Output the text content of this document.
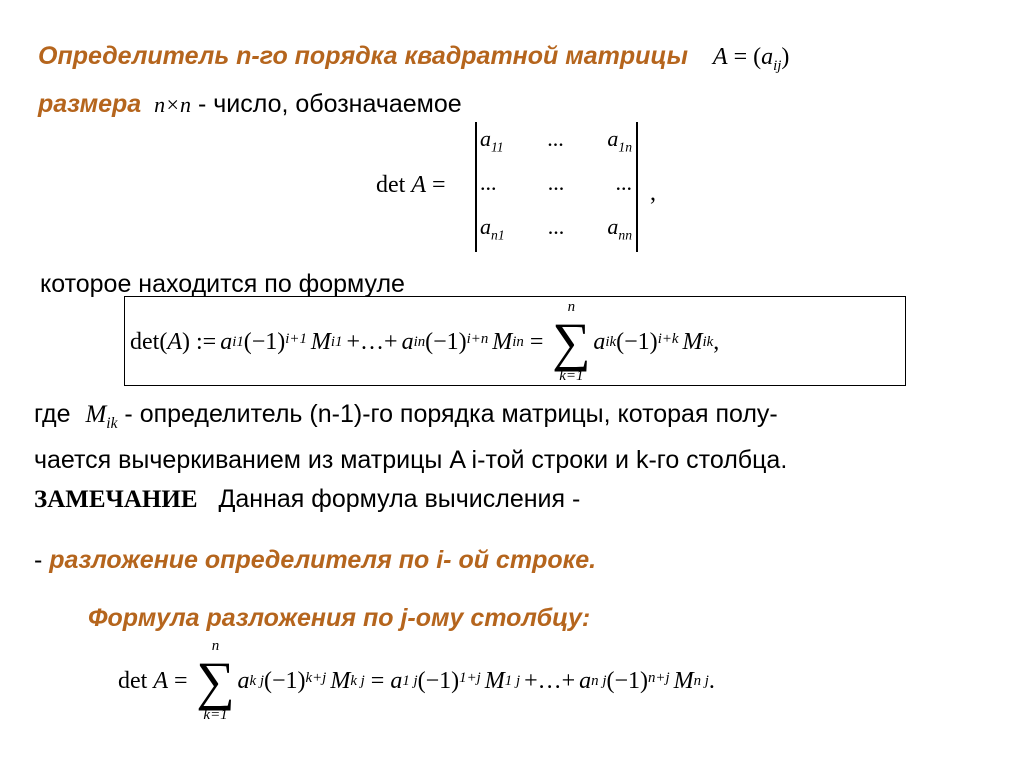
Определитель n-го порядка квадратной матрицы $A = (a_{ij})$
размера n×n - число, обозначаемое
det A =
$a_{11}$ ... $a_{1n}$
... ... ...
$a_{n1}$ ... $a_{nn}$
,
которое находится по формуле
det(A) := a i1 $(-1)^{i+1}$ M i1 +…+ a in $(-1)^{i+n}$ M in =
n
∑
k=1
a ik $(-1)^{i+k}$ M ik ,
где $M_{ik}$ - определитель (n-1)-го порядка матрицы, которая полу-
чается вычеркиванием из матрицы A i-той строки и k-го столбца.
ЗАМЕЧАНИЕ Данная формула вычисления -
- разложение определителя по i- ой строке.
Формула разложения по j-ому столбцу:
det A =
n
∑
k=1
a k j $(-1)^{k+j}$ M k j = a 1 j $(-1)^{1+j}$ M 1 j +…+ a n j $(-1)^{n+j}$ M n j .
